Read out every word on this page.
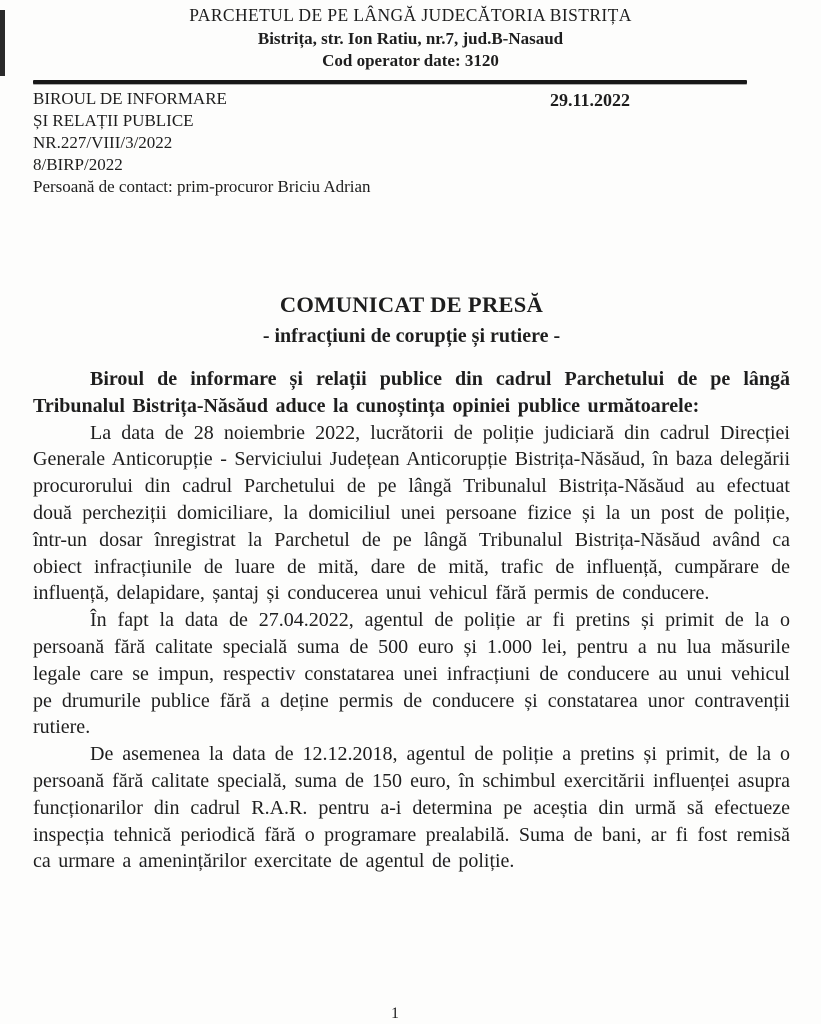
PARCHETUL DE PE LÂNGĂ JUDECĂTORIA BISTRIȚA
Bistrița, str. Ion Ratiu, nr.7, jud.B-Nasaud
Cod operator date: 3120
BIROUL DE INFORMARE
ȘI RELAȚII PUBLICE
NR.227/VIII/3/2022
8/BIRP/2022
Persoană de contact: prim-procuror Briciu Adrian
29.11.2022
COMUNICAT DE PRESĂ
- infracțiuni de corupție și rutiere -

Biroul de informare și relații publice din cadrul Parchetului de pe lângă Tribunalul Bistrița-Năsăud aduce la cunoștința opiniei publice următoarele:

La data de 28 noiembrie 2022, lucrătorii de poliție judiciară din cadrul Direcției Generale Anticorupție - Serviciului Județean Anticorupție Bistrița-Năsăud, în baza delegării procurorului din cadrul Parchetului de pe lângă Tribunalul Bistrița-Năsăud au efectuat două percheziții domiciliare, la domiciliul unei persoane fizice și la un post de poliție, într-un dosar înregistrat la Parchetul de pe lângă Tribunalul Bistrița-Năsăud având ca obiect infracțiunile de luare de mită, dare de mită, trafic de influență, cumpărare de influență, delapidare, șantaj și conducerea unui vehicul fără permis de conducere.

În fapt la data de 27.04.2022, agentul de poliție ar fi pretins și primit de la o persoană fără calitate specială suma de 500 euro și 1.000 lei, pentru a nu lua măsurile legale care se impun, respectiv constatarea unei infracțiuni de conducere au unui vehicul pe drumurile publice fără a deține permis de conducere și constatarea unor contravenții rutiere.

De asemenea la data de 12.12.2018, agentul de poliție a pretins și primit, de la o persoană fără calitate specială, suma de 150 euro, în schimbul exercitării influenței asupra funcționarilor din cadrul R.A.R. pentru a-i determina pe aceștia din urmă să efectueze inspecția tehnică periodică fără o programare prealabilă. Suma de bani, ar fi fost remisă ca urmare a amenințărilor exercitate de agentul de poliție.

1
